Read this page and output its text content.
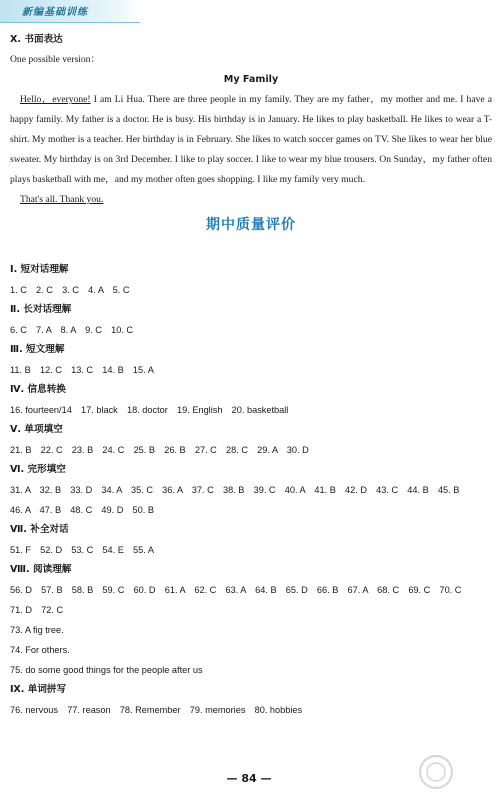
新编基础训练
Ⅹ. 书面表达
One possible version：
My Family

Hello，everyone! I am Li Hua. There are three people in my family. They are my father，my mother and me. I have a happy family. My father is a doctor. He is busy. His birthday is in January. He likes to play basketball. He likes to wear a T-shirt. My mother is a teacher. Her birthday is in February. She likes to watch soccer games on TV. She likes to wear her blue sweater. My birthday is on 3rd December. I like to play soccer. I like to wear my blue trousers. On Sunday，my father often plays basketball with me，and my mother often goes shopping. I like my family very much.

That's all. Thank you.
期中质量评价
Ⅰ. 短对话理解
1. C　2. C　3. C　4. A　5. C
Ⅱ. 长对话理解
6. C　7. A　8. A　9. C　10. C
Ⅲ. 短文理解
11. B　12. C　13. C　14. B　15. A
Ⅳ. 信息转换
16. fourteen/14　17. black　18. doctor　19. English　20. basketball
Ⅴ. 单项填空
21. B　22. C　23. B　24. C　25. B　26. B　27. C　28. C　29. A　30. D
Ⅵ. 完形填空
31. A　32. B　33. D　34. A　35. C　36. A　37. C　38. B　39. C　40. A　41. B　42. D　43. C　44. B　45. B
46. A　47. B　48. C　49. D　50. B
Ⅶ. 补全对话
51. F　52. D　53. C　54. E　55. A
Ⅷ. 阅读理解
56. D　57. B　58. B　59. C　60. D　61. A　62. C　63. A　64. B　65. D　66. B　67. A　68. C　69. C　70. C
71. D　72. C
73. A fig tree.
74. For others.
75. do some good things for the people after us
Ⅸ. 单词拼写
76. nervous　77. reason　78. Remember　79. memories　80. hobbies
— 84 —
